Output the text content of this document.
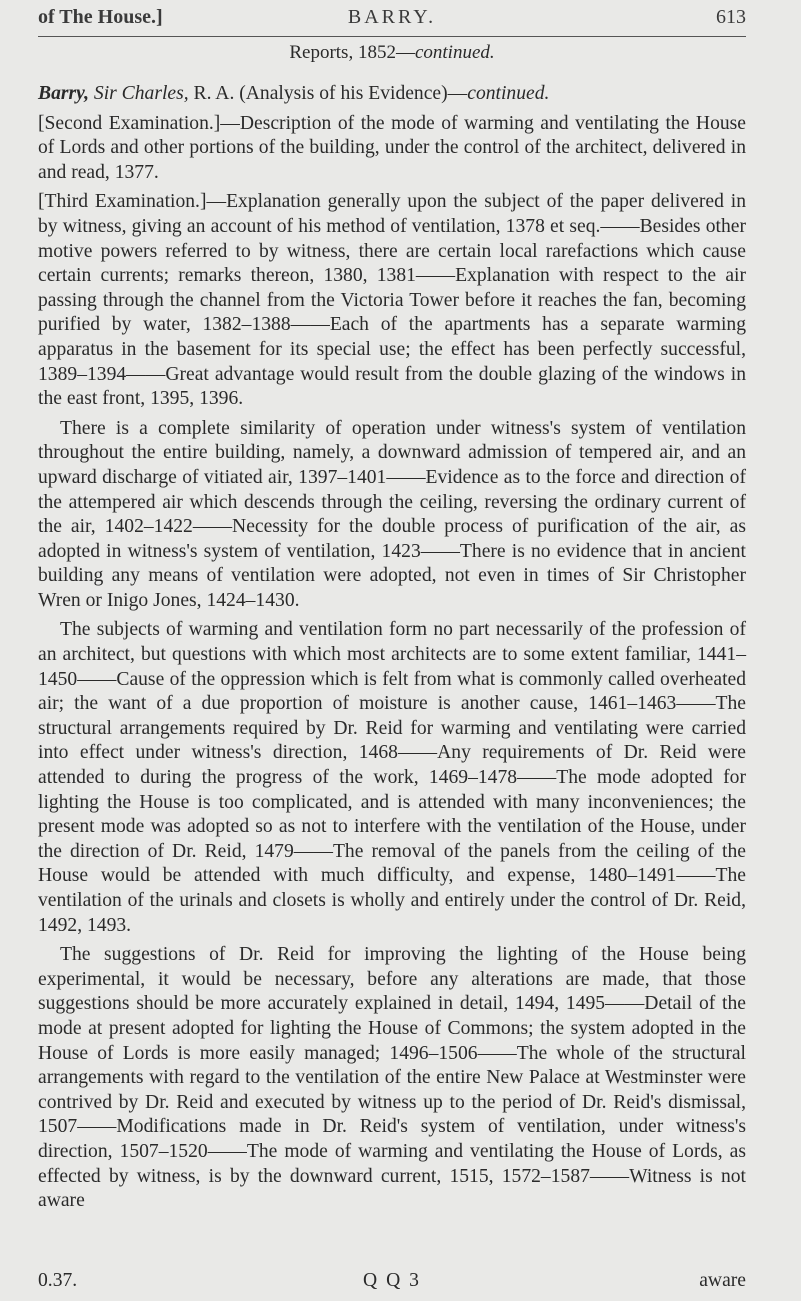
of The House.]	BARRY.	613
Reports, 1852—continued.

Barry, Sir Charles, R. A. (Analysis of his Evidence)—continued.

[Second Examination.]—Description of the mode of warming and ventilating the House of Lords and other portions of the building, under the control of the architect, delivered in and read, 1377.

[Third Examination.]—Explanation generally upon the subject of the paper delivered in by witness, giving an account of his method of ventilation, 1378 et seq.——Besides other motive powers referred to by witness, there are certain local rarefactions which cause certain currents; remarks thereon, 1380, 1381——Explanation with respect to the air passing through the channel from the Victoria Tower before it reaches the fan, becoming purified by water, 1382–1388——Each of the apartments has a separate warming apparatus in the basement for its special use; the effect has been perfectly successful, 1389–1394——Great advantage would result from the double glazing of the windows in the east front, 1395, 1396.

There is a complete similarity of operation under witness's system of ventilation throughout the entire building, namely, a downward admission of tempered air, and an upward discharge of vitiated air, 1397–1401——Evidence as to the force and direction of the attempered air which descends through the ceiling, reversing the ordinary current of the air, 1402–1422——Necessity for the double process of purification of the air, as adopted in witness's system of ventilation, 1423——There is no evidence that in ancient building any means of ventilation were adopted, not even in times of Sir Christopher Wren or Inigo Jones, 1424–1430.

The subjects of warming and ventilation form no part necessarily of the profession of an architect, but questions with which most architects are to some extent familiar, 1441–1450——Cause of the oppression which is felt from what is commonly called overheated air; the want of a due proportion of moisture is another cause, 1461–1463——The structural arrangements required by Dr. Reid for warming and ventilating were carried into effect under witness's direction, 1468——Any requirements of Dr. Reid were attended to during the progress of the work, 1469–1478——The mode adopted for lighting the House is too complicated, and is attended with many inconveniences; the present mode was adopted so as not to interfere with the ventilation of the House, under the direction of Dr. Reid, 1479——The removal of the panels from the ceiling of the House would be attended with much difficulty, and expense, 1480–1491——The ventilation of the urinals and closets is wholly and entirely under the control of Dr. Reid, 1492, 1493.

The suggestions of Dr. Reid for improving the lighting of the House being experimental, it would be necessary, before any alterations are made, that those suggestions should be more accurately explained in detail, 1494, 1495——Detail of the mode at present adopted for lighting the House of Commons; the system adopted in the House of Lords is more easily managed; 1496–1506——The whole of the structural arrangements with regard to the ventilation of the entire New Palace at Westminster were contrived by Dr. Reid and executed by witness up to the period of Dr. Reid's dismissal, 1507——Modifications made in Dr. Reid's system of ventilation, under witness's direction, 1507–1520——The mode of warming and ventilating the House of Lords, as effected by witness, is by the downward current, 1515, 1572–1587——Witness is not aware

0.37.	Q Q 3	aware
